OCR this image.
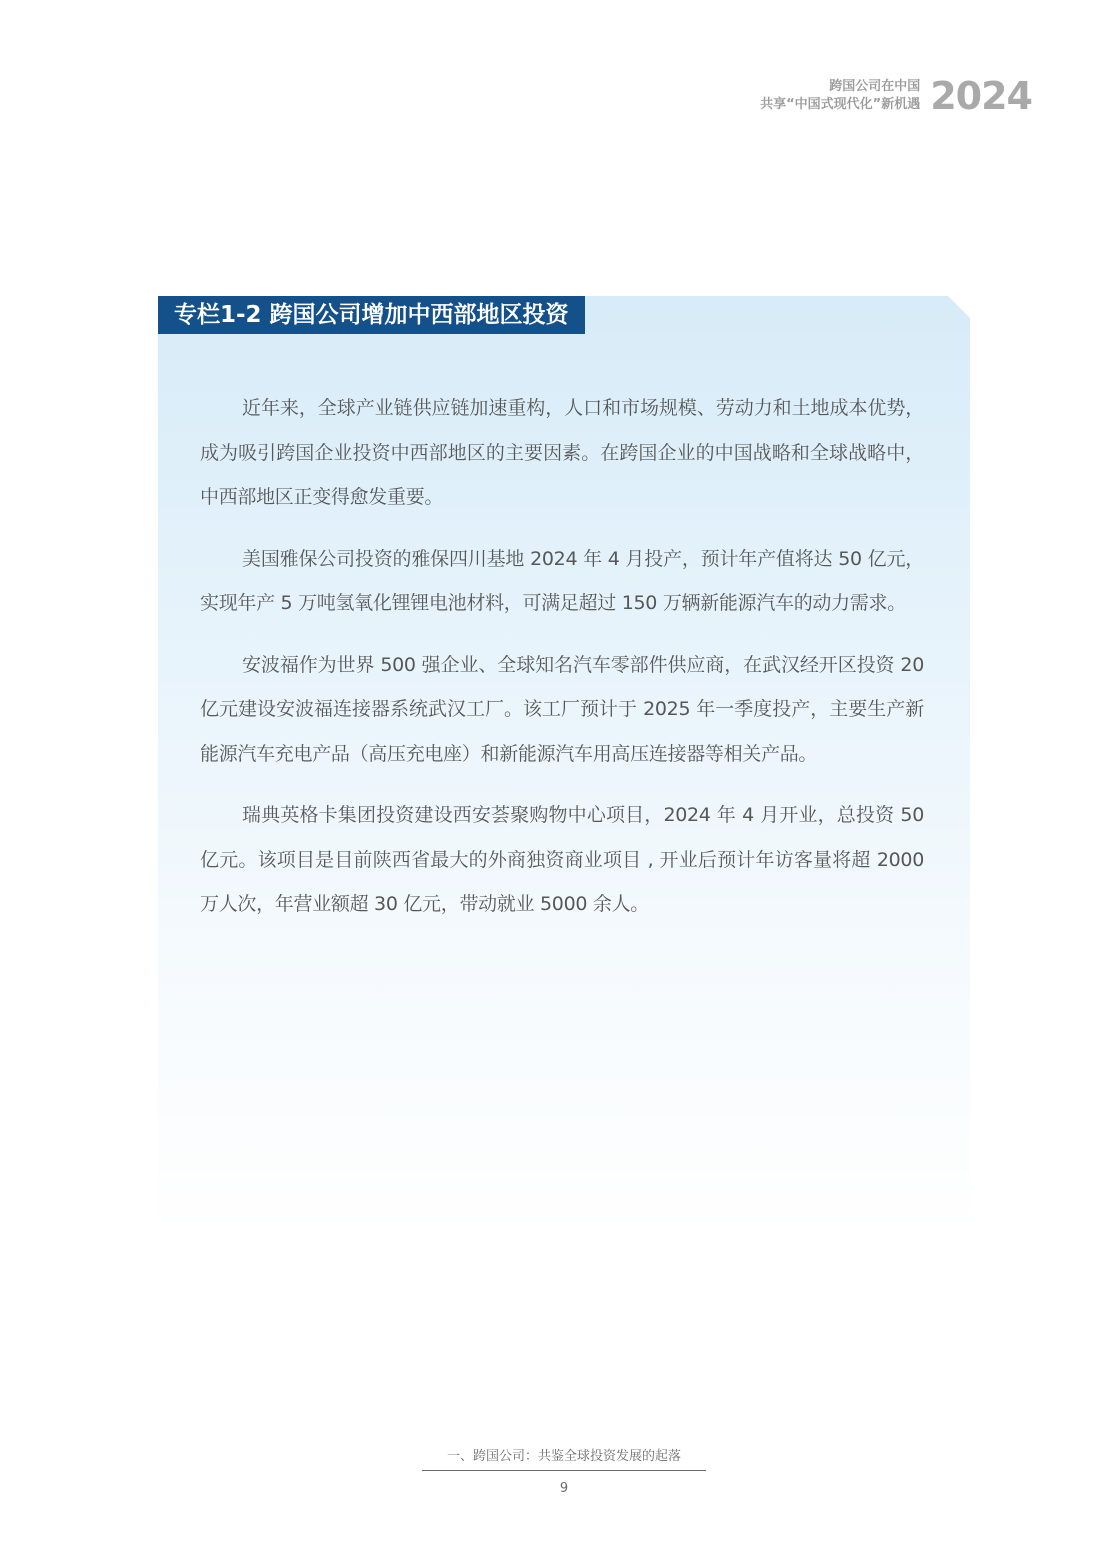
跨国公司在中国
共享“中国式现代化”新机遇 2024
专栏1-2 跨国公司增加中西部地区投资

近年来，全球产业链供应链加速重构，人口和市场规模、劳动力和土地成本优势，成为吸引跨国企业投资中西部地区的主要因素。在跨国企业的中国战略和全球战略中，中西部地区正变得愈发重要。

美国雅保公司投资的雅保四川基地 2024 年 4 月投产，预计年产值将达 50 亿元，实现年产 5 万吨氢氧化锂锂电池材料，可满足超过 150 万辆新能源汽车的动力需求。

安波福作为世界 500 强企业、全球知名汽车零部件供应商，在武汉经开区投资 20 亿元建设安波福连接器系统武汉工厂。该工厂预计于 2025 年一季度投产，主要生产新能源汽车充电产品（高压充电座）和新能源汽车用高压连接器等相关产品。

瑞典英格卡集团投资建设西安荟聚购物中心项目，2024 年 4 月开业，总投资 50 亿元。该项目是目前陕西省最大的外商独资商业项目 , 开业后预计年访客量将超 2000 万人次，年营业额超 30 亿元，带动就业 5000 余人。

一、跨国公司：共鉴全球投资发展的起落
9
